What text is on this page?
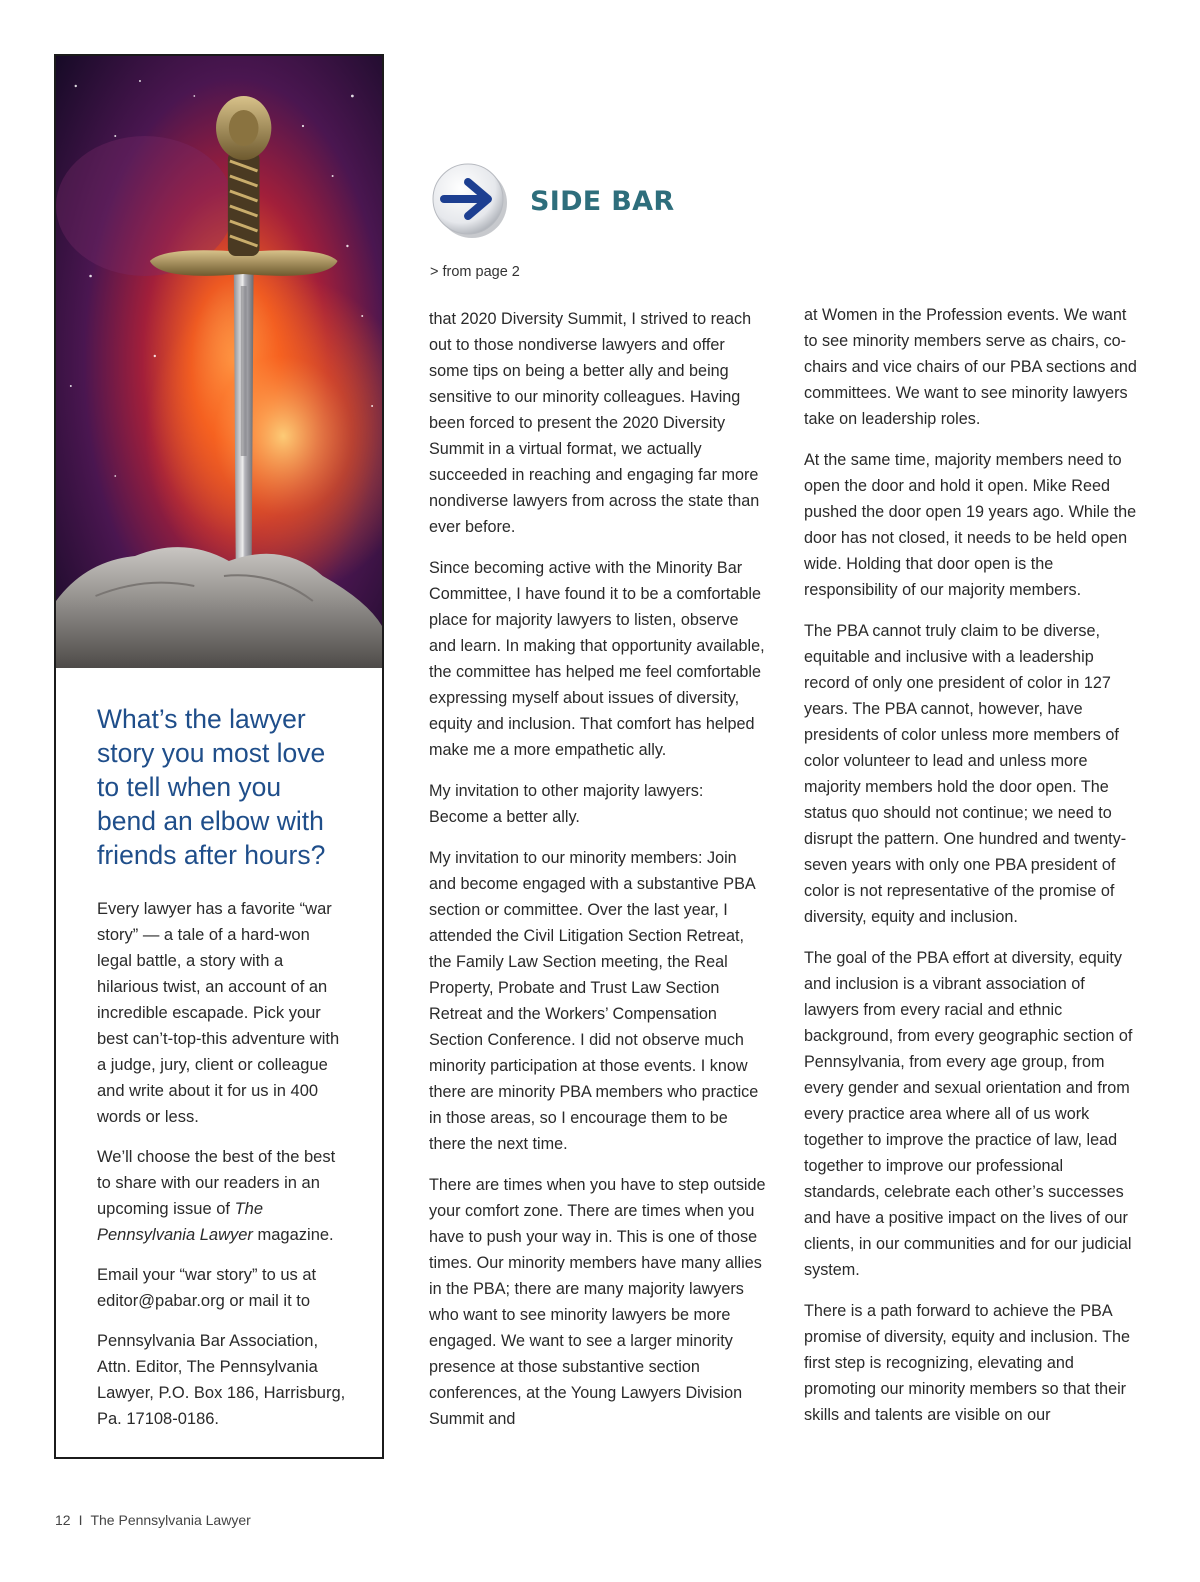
What’s the lawyer story you most love to tell when you bend an elbow with friends after hours?

Every lawyer has a favorite “war story” — a tale of a hard-won legal battle, a story with a hilarious twist, an account of an incredible escapade. Pick your best can’t-top-this adventure with a judge, jury, client or colleague and write about it for us in 400 words or less.

We’ll choose the best of the best to share with our readers in an upcoming issue of The Pennsylvania Lawyer magazine.

Email your “war story” to us at editor@pabar.org or mail it to

Pennsylvania Bar Association, Attn. Editor, The Pennsylvania Lawyer, P.O. Box 186, Harrisburg, Pa. 17108-0186.

SIDE BAR
> from page 2

that 2020 Diversity Summit, I strived to reach out to those nondiverse lawyers and offer some tips on being a better ally and being sensitive to our minority colleagues. Having been forced to present the 2020 Diversity Summit in a virtual format, we actually succeeded in reaching and engaging far more nondiverse lawyers from across the state than ever before.

Since becoming active with the Minority Bar Committee, I have found it to be a comfortable place for majority lawyers to listen, observe and learn. In making that opportunity available, the committee has helped me feel comfortable expressing myself about issues of diversity, equity and inclusion. That comfort has helped make me a more empathetic ally.

My invitation to other majority lawyers: Become a better ally.

My invitation to our minority members: Join and become engaged with a substantive PBA section or committee. Over the last year, I attended the Civil Litigation Section Retreat, the Family Law Section meeting, the Real Property, Probate and Trust Law Section Retreat and the Workers’ Compensation Section Conference. I did not observe much minority participation at those events. I know there are minority PBA members who practice in those areas, so I encourage them to be there the next time.

There are times when you have to step outside your comfort zone. There are times when you have to push your way in. This is one of those times. Our minority members have many allies in the PBA; there are many majority lawyers who want to see minority lawyers be more engaged. We want to see a larger minority presence at those substantive section conferences, at the Young Lawyers Division Summit and

at Women in the Profession events. We want to see minority members serve as chairs, co-chairs and vice chairs of our PBA sections and committees. We want to see minority lawyers take on leadership roles.

At the same time, majority members need to open the door and hold it open. Mike Reed pushed the door open 19 years ago. While the door has not closed, it needs to be held open wide. Holding that door open is the responsibility of our majority members.

The PBA cannot truly claim to be diverse, equitable and inclusive with a leadership record of only one president of color in 127 years. The PBA cannot, however, have presidents of color unless more members of color volunteer to lead and unless more majority members hold the door open. The status quo should not continue; we need to disrupt the pattern. One hundred and twenty-seven years with only one PBA president of color is not representative of the promise of diversity, equity and inclusion.

The goal of the PBA effort at diversity, equity and inclusion is a vibrant association of lawyers from every racial and ethnic background, from every geographic section of Pennsylvania, from every age group, from every gender and sexual orientation and from every practice area where all of us work together to improve the practice of law, lead together to improve our professional standards, celebrate each other’s successes and have a positive impact on the lives of our clients, in our communities and for our judicial system.

There is a path forward to achieve the PBA promise of diversity, equity and inclusion. The first step is recognizing, elevating and promoting our minority members so that their skills and talents are visible on our

12 I The Pennsylvania Lawyer
